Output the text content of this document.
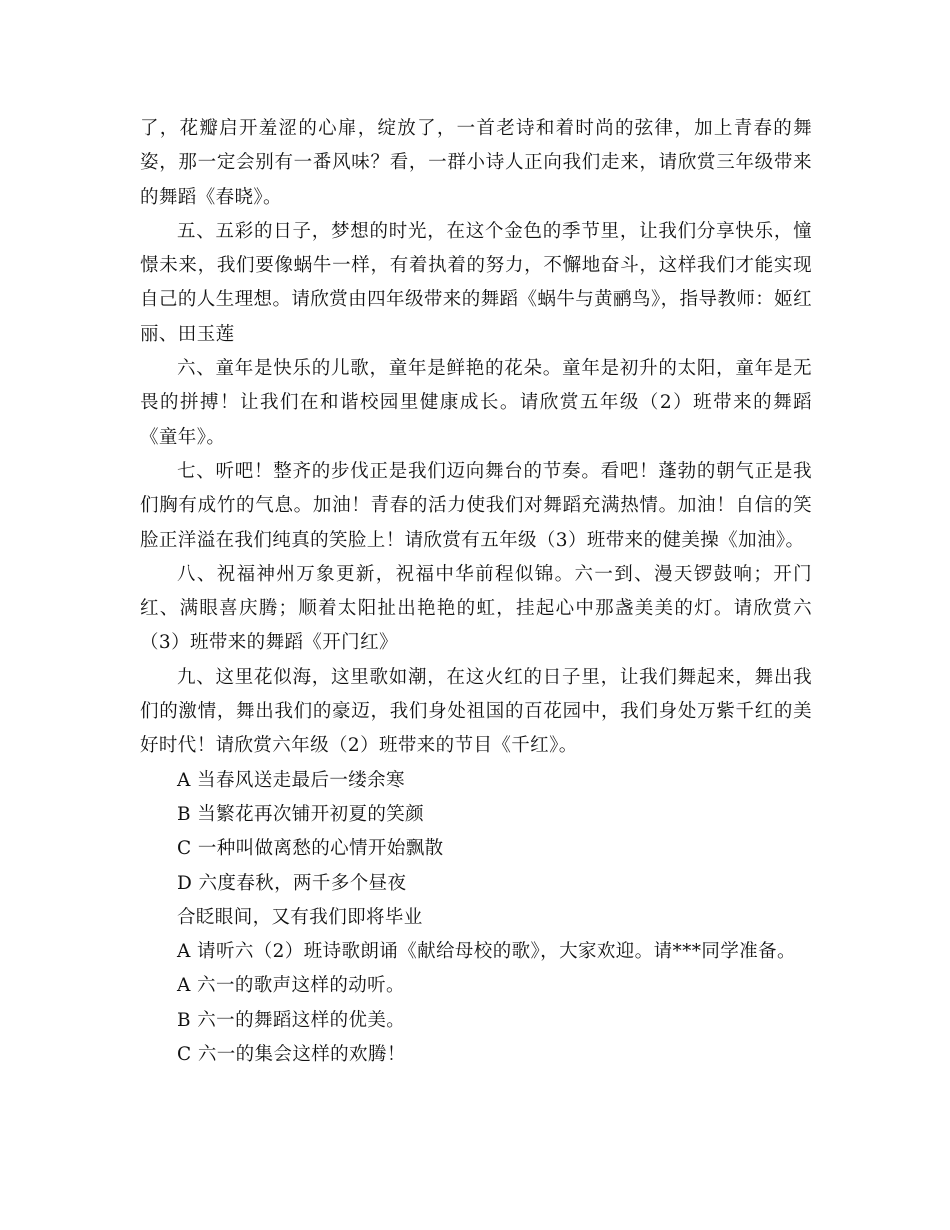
了，花瓣启开羞涩的心扉，绽放了，一首老诗和着时尚的弦律，加上青春的舞姿，那一定会别有一番风味？看，一群小诗人正向我们走来，请欣赏三年级带来的舞蹈《春晓》。

五、五彩的日子，梦想的时光，在这个金色的季节里，让我们分享快乐，憧憬未来，我们要像蜗牛一样，有着执着的努力，不懈地奋斗，这样我们才能实现自己的人生理想。请欣赏由四年级带来的舞蹈《蜗牛与黄鹂鸟》，指导教师：姬红丽、田玉莲

六、童年是快乐的儿歌，童年是鲜艳的花朵。童年是初升的太阳，童年是无畏的拼搏！让我们在和谐校园里健康成长。请欣赏五年级（2）班带来的舞蹈《童年》。

七、听吧！整齐的步伐正是我们迈向舞台的节奏。看吧！蓬勃的朝气正是我们胸有成竹的气息。加油！青春的活力使我们对舞蹈充满热情。加油！自信的笑脸正洋溢在我们纯真的笑脸上！请欣赏有五年级（3）班带来的健美操《加油》。

八、祝福神州万象更新，祝福中华前程似锦。六一到、漫天锣鼓响；开门红、满眼喜庆腾；顺着太阳扯出艳艳的虹，挂起心中那盏美美的灯。请欣赏六（3）班带来的舞蹈《开门红》

九、这里花似海，这里歌如潮，在这火红的日子里，让我们舞起来，舞出我们的激情，舞出我们的豪迈，我们身处祖国的百花园中，我们身处万紫千红的美好时代！请欣赏六年级（2）班带来的节目《千红》。

A 当春风送走最后一缕余寒

B 当繁花再次铺开初夏的笑颜

C 一种叫做离愁的心情开始飘散

D 六度春秋，两千多个昼夜

合眨眼间，又有我们即将毕业

A 请听六（2）班诗歌朗诵《献给母校的歌》，大家欢迎。请***同学准备。

A 六一的歌声这样的动听。

B 六一的舞蹈这样的优美。

C 六一的集会这样的欢腾！
